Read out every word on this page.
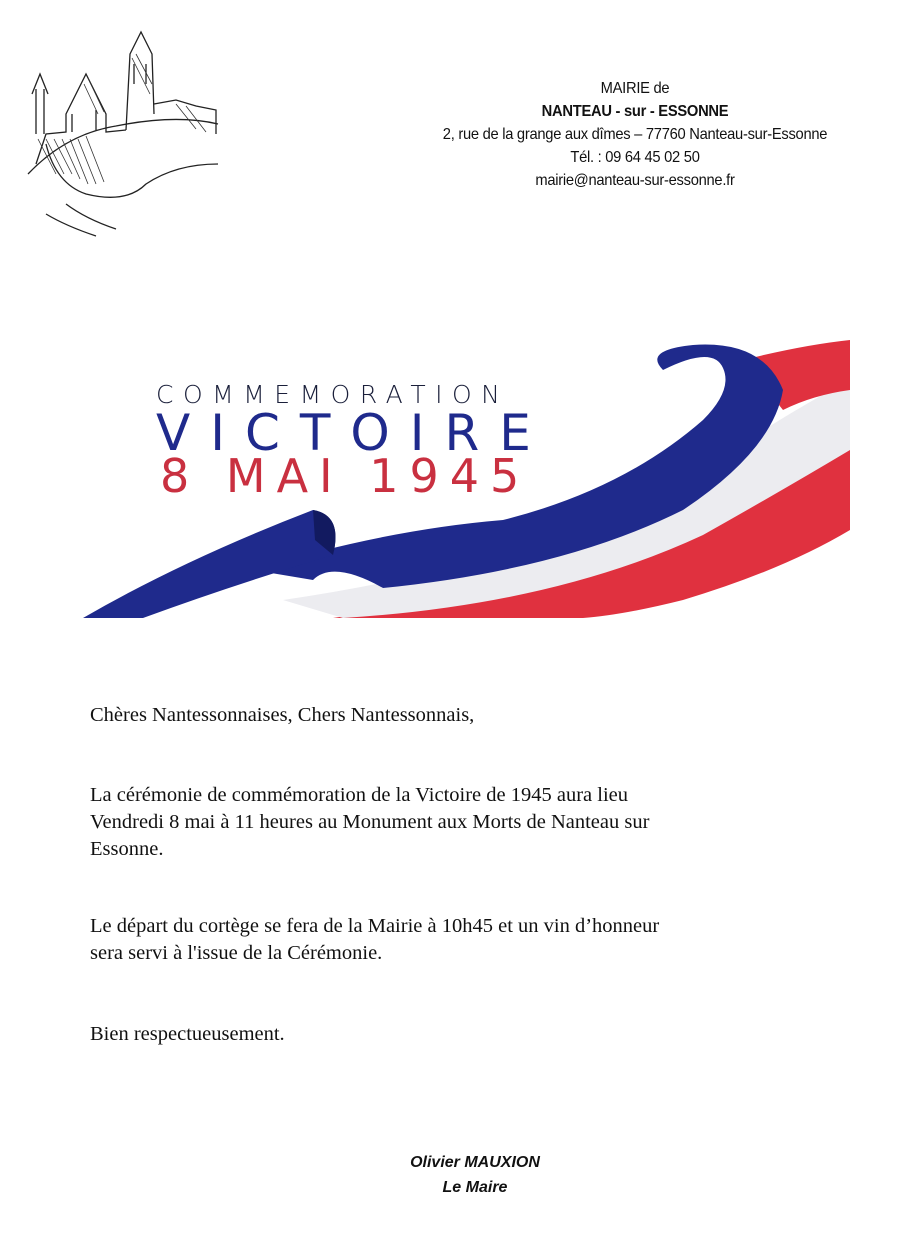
MAIRIE de
NANTEAU - sur - ESSONNE
2, rue de la grange aux dîmes – 77760 Nanteau-sur-Essonne
Tél. : 09 64 45 02 50
mairie@nanteau-sur-essonne.fr
COMMEMORATION
VICTOIRE
8 MAI 1945
Chères Nantessonnaises, Chers Nantessonnais,
La cérémonie de commémoration de la Victoire de 1945 aura lieu
Vendredi 8 mai à 11 heures au Monument aux Morts de Nanteau sur
Essonne.
Le départ du cortège se fera de la Mairie à 10h45 et un vin d’honneur
sera servi à l'issue de la Cérémonie.
Bien respectueusement.
Olivier MAUXION
Le Maire
